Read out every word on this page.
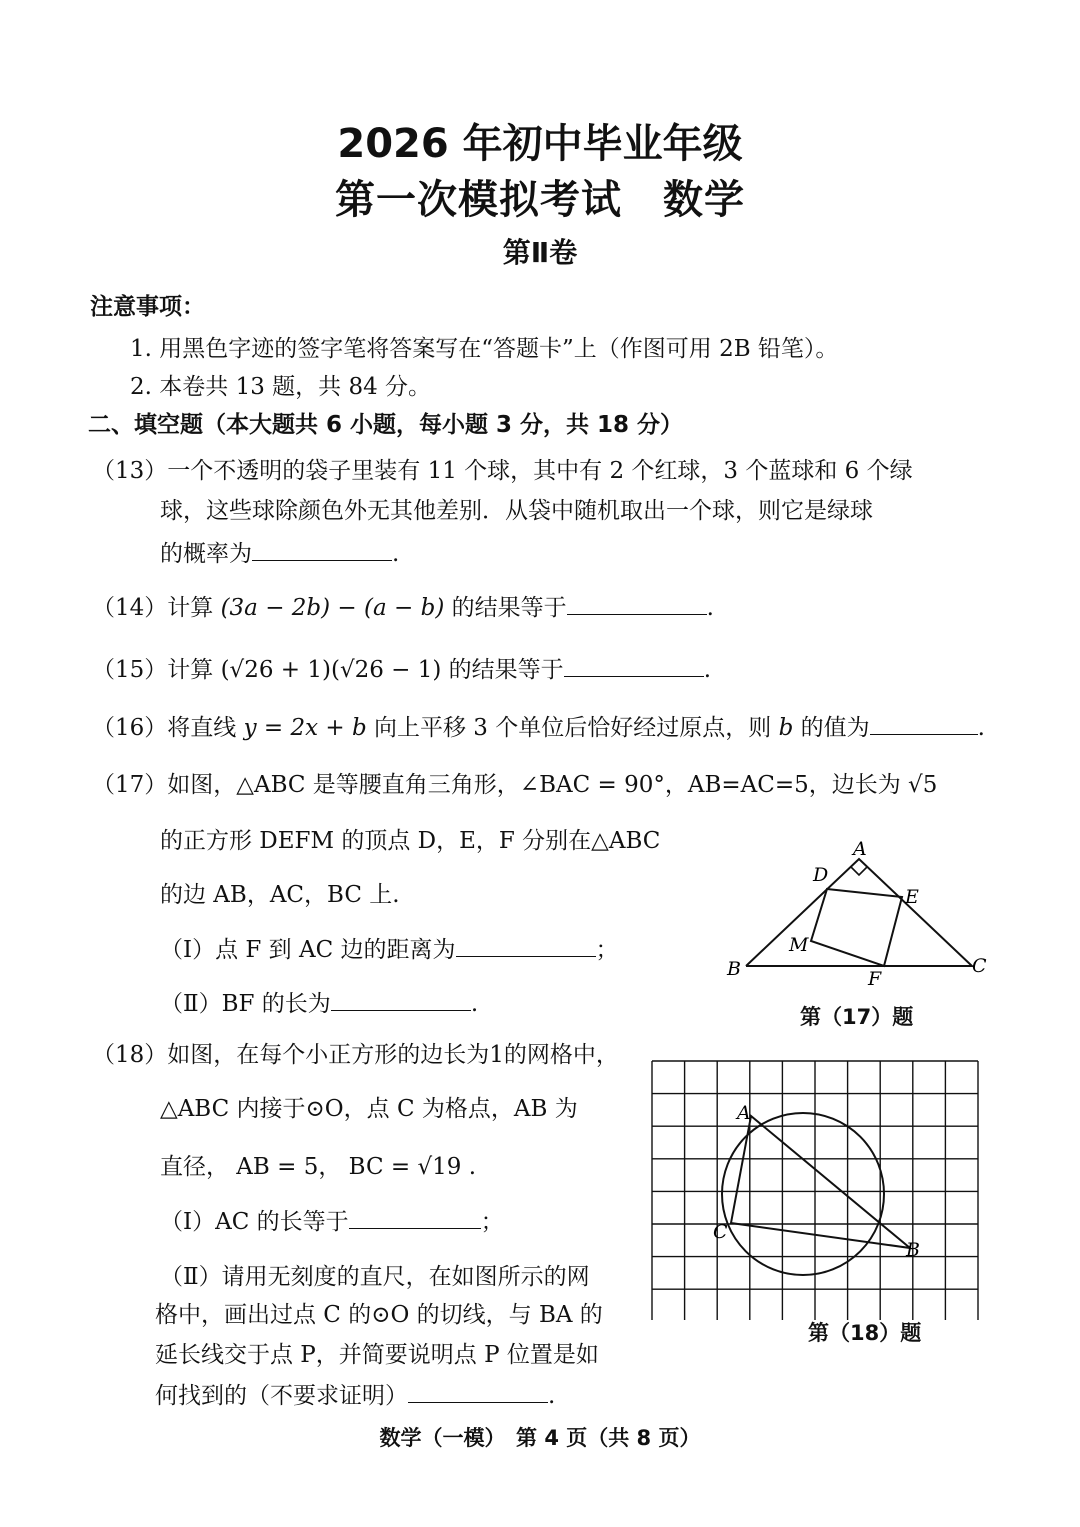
2026 年初中毕业年级
第一次模拟考试　数学
第Ⅱ卷
注意事项：
1. 用黑色字迹的签字笔将答案写在“答题卡”上（作图可用 2B 铅笔）。
2. 本卷共 13 题，共 84 分。
二、填空题（本大题共 6 小题，每小题 3 分，共 18 分）
（13）一个不透明的袋子里装有 11 个球，其中有 2 个红球，3 个蓝球和 6 个绿
球，这些球除颜色外无其他差别．从袋中随机取出一个球，则它是绿球
的概率为	.
（14）计算 (3a − 2b) − (a − b) 的结果等于	.
（15）计算 (√26 + 1)(√26 − 1) 的结果等于	.
（16）将直线 y = 2x + b 向上平移 3 个单位后恰好经过原点，则 b 的值为	.
（17）如图，△ABC 是等腰直角三角形，∠BAC = 90°，AB=AC=5，边长为 √5
的正方形 DEFM 的顶点 D，E，F 分别在△ABC
的边 AB，AC，BC 上.
（Ⅰ）点 F 到 AC 边的距离为	；
（Ⅱ）BF 的长为	.
A
B	C
D
E
F
M
第（17）题
（18）如图，在每个小正方形的边长为1的网格中，
△ABC 内接于⊙O，点 C 为格点，AB 为
直径， AB = 5， BC = √19 .
（Ⅰ）AC 的长等于	；
（Ⅱ）请用无刻度的直尺，在如图所示的网
格中，画出过点 C 的⊙O 的切线，与 BA 的
延长线交于点 P，并简要说明点 P 位置是如
何找到的（不要求证明）	.
A
B
C
第（18）题
数学（一模）　第 4 页（共 8 页）
